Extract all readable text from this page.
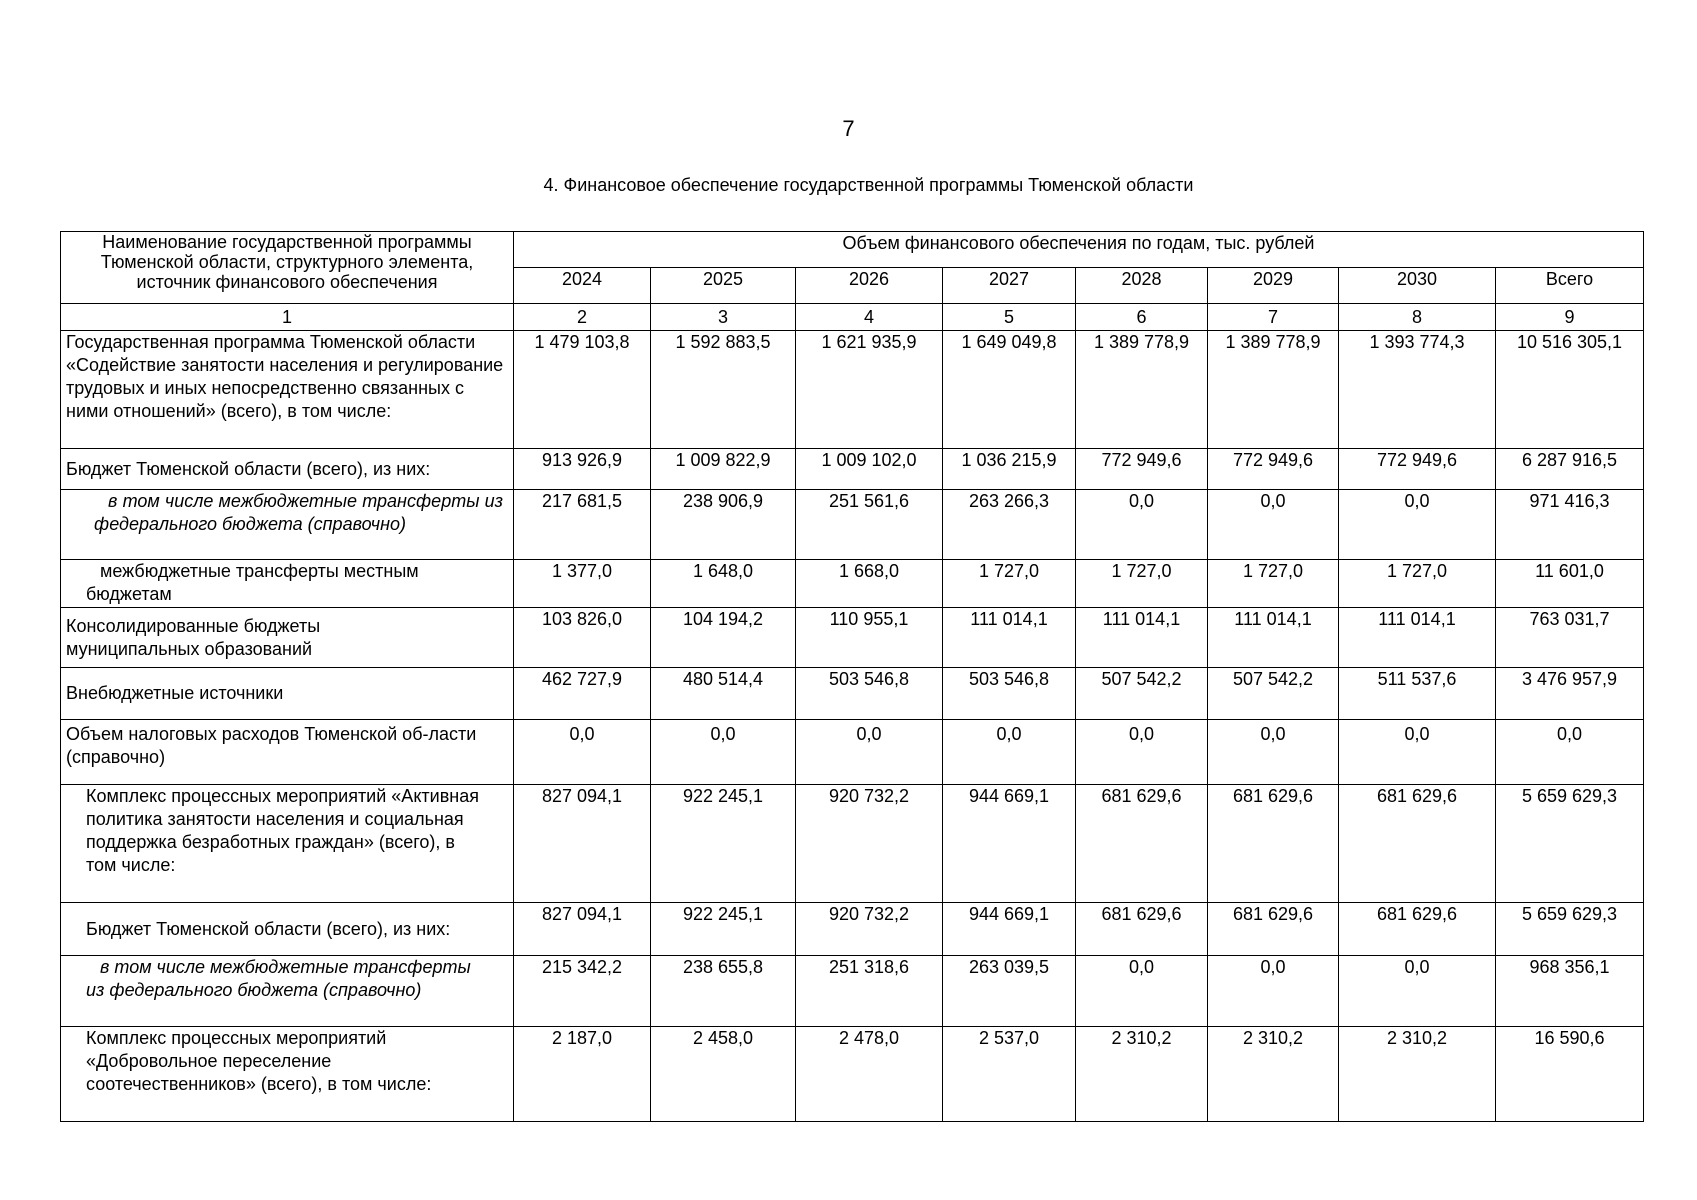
7
4. Финансовое обеспечение государственной программы Тюменской области
Наименование государственной программы Тюменской области, структурного элемента, источник финансового обеспечения	Объем финансового обеспечения по годам, тыс. рублей							
	2024	2025	2026	2027	2028	2029	2030	Всего
1	2	3	4	5	6	7	8	9
Государственная программа Тюменской области «Содействие занятости населения и регулирование трудовых и иных непосредственно связанных с ними отношений» (всего), в том числе:	1 479 103,8	1 592 883,5	1 621 935,9	1 649 049,8	1 389 778,9	1 389 778,9	1 393 774,3	10 516 305,1
Бюджет Тюменской области (всего), из них:	913 926,9	1 009 822,9	1 009 102,0	1 036 215,9	772 949,6	772 949,6	772 949,6	6 287 916,5

в том числе межбюджетные трансферты из федерального бюджета (справочно)	217 681,5	238 906,9	251 561,6	263 266,3	0,0	0,0	0,0	971 416,3

межбюджетные трансферты местным бюджетам	1 377,0	1 648,0	1 668,0	1 727,0	1 727,0	1 727,0	1 727,0	11 601,0
Консолидированные бюджеты муниципальных образований	103 826,0	104 194,2	110 955,1	111 014,1	111 014,1	111 014,1	111 014,1	763 031,7
Внебюджетные источники	462 727,9	480 514,4	503 546,8	503 546,8	507 542,2	507 542,2	511 537,6	3 476 957,9
Объем налоговых расходов Тюменской об-ласти (справочно)	0,0	0,0	0,0	0,0	0,0	0,0	0,0	0,0
Комплекс процессных мероприятий «Активная политика занятости населения и социальная поддержка безработных граждан» (всего), в том числе:	827 094,1	922 245,1	920 732,2	944 669,1	681 629,6	681 629,6	681 629,6	5 659 629,3
Бюджет Тюменской области (всего), из них:	827 094,1	922 245,1	920 732,2	944 669,1	681 629,6	681 629,6	681 629,6	5 659 629,3

в том числе межбюджетные трансферты из федерального бюджета (справочно)	215 342,2	238 655,8	251 318,6	263 039,5	0,0	0,0	0,0	968 356,1
Комплекс процессных мероприятий «Добровольное переселение соотечественников» (всего), в том числе:	2 187,0	2 458,0	2 478,0	2 537,0	2 310,2	2 310,2	2 310,2	16 590,6
